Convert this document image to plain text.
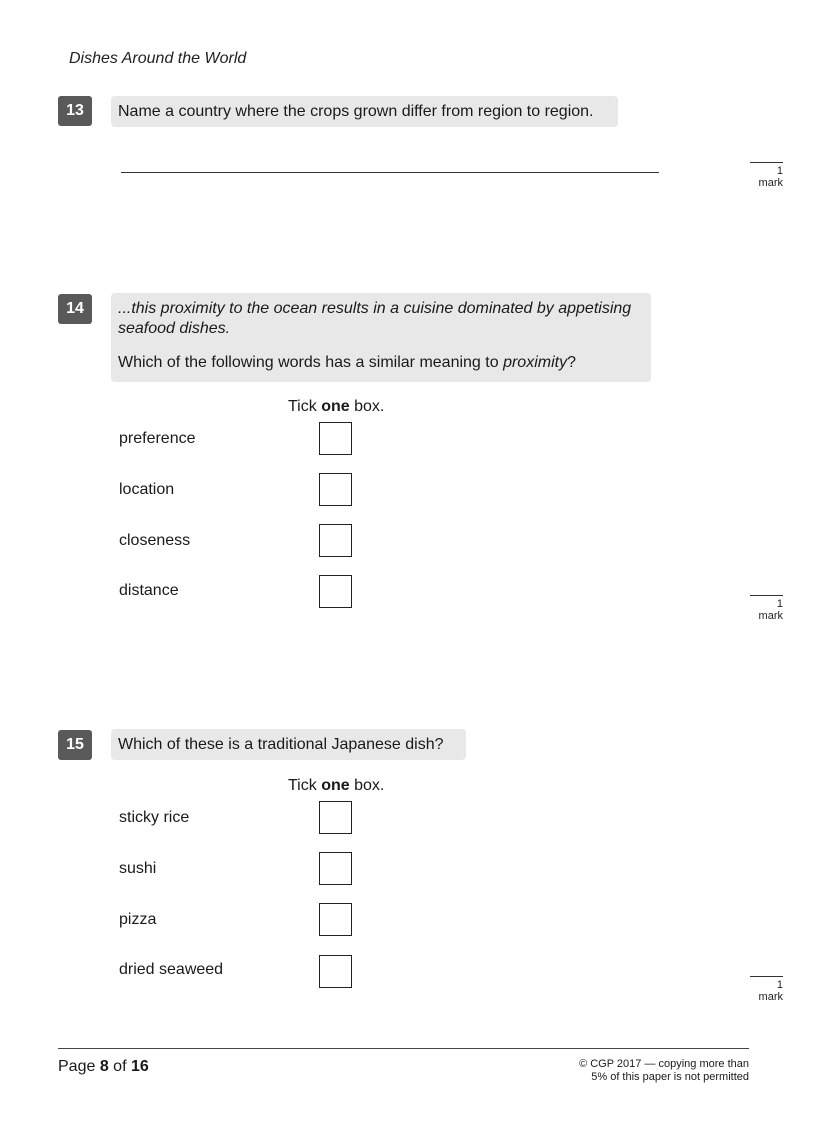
Dishes Around the World
13	Name a country where the crops grown differ from region to region.
1 mark
14	...this proximity to the ocean results in a cuisine dominated by appetising seafood dishes.
Which of the following words has a similar meaning to proximity?
Tick one box.
preference
location
closeness
distance
1 mark
15	Which of these is a traditional Japanese dish?
Tick one box.
sticky rice
sushi
pizza
dried seaweed
1 mark
Page 8 of 16	© CGP 2017 — copying more than
5% of this paper is not permitted
